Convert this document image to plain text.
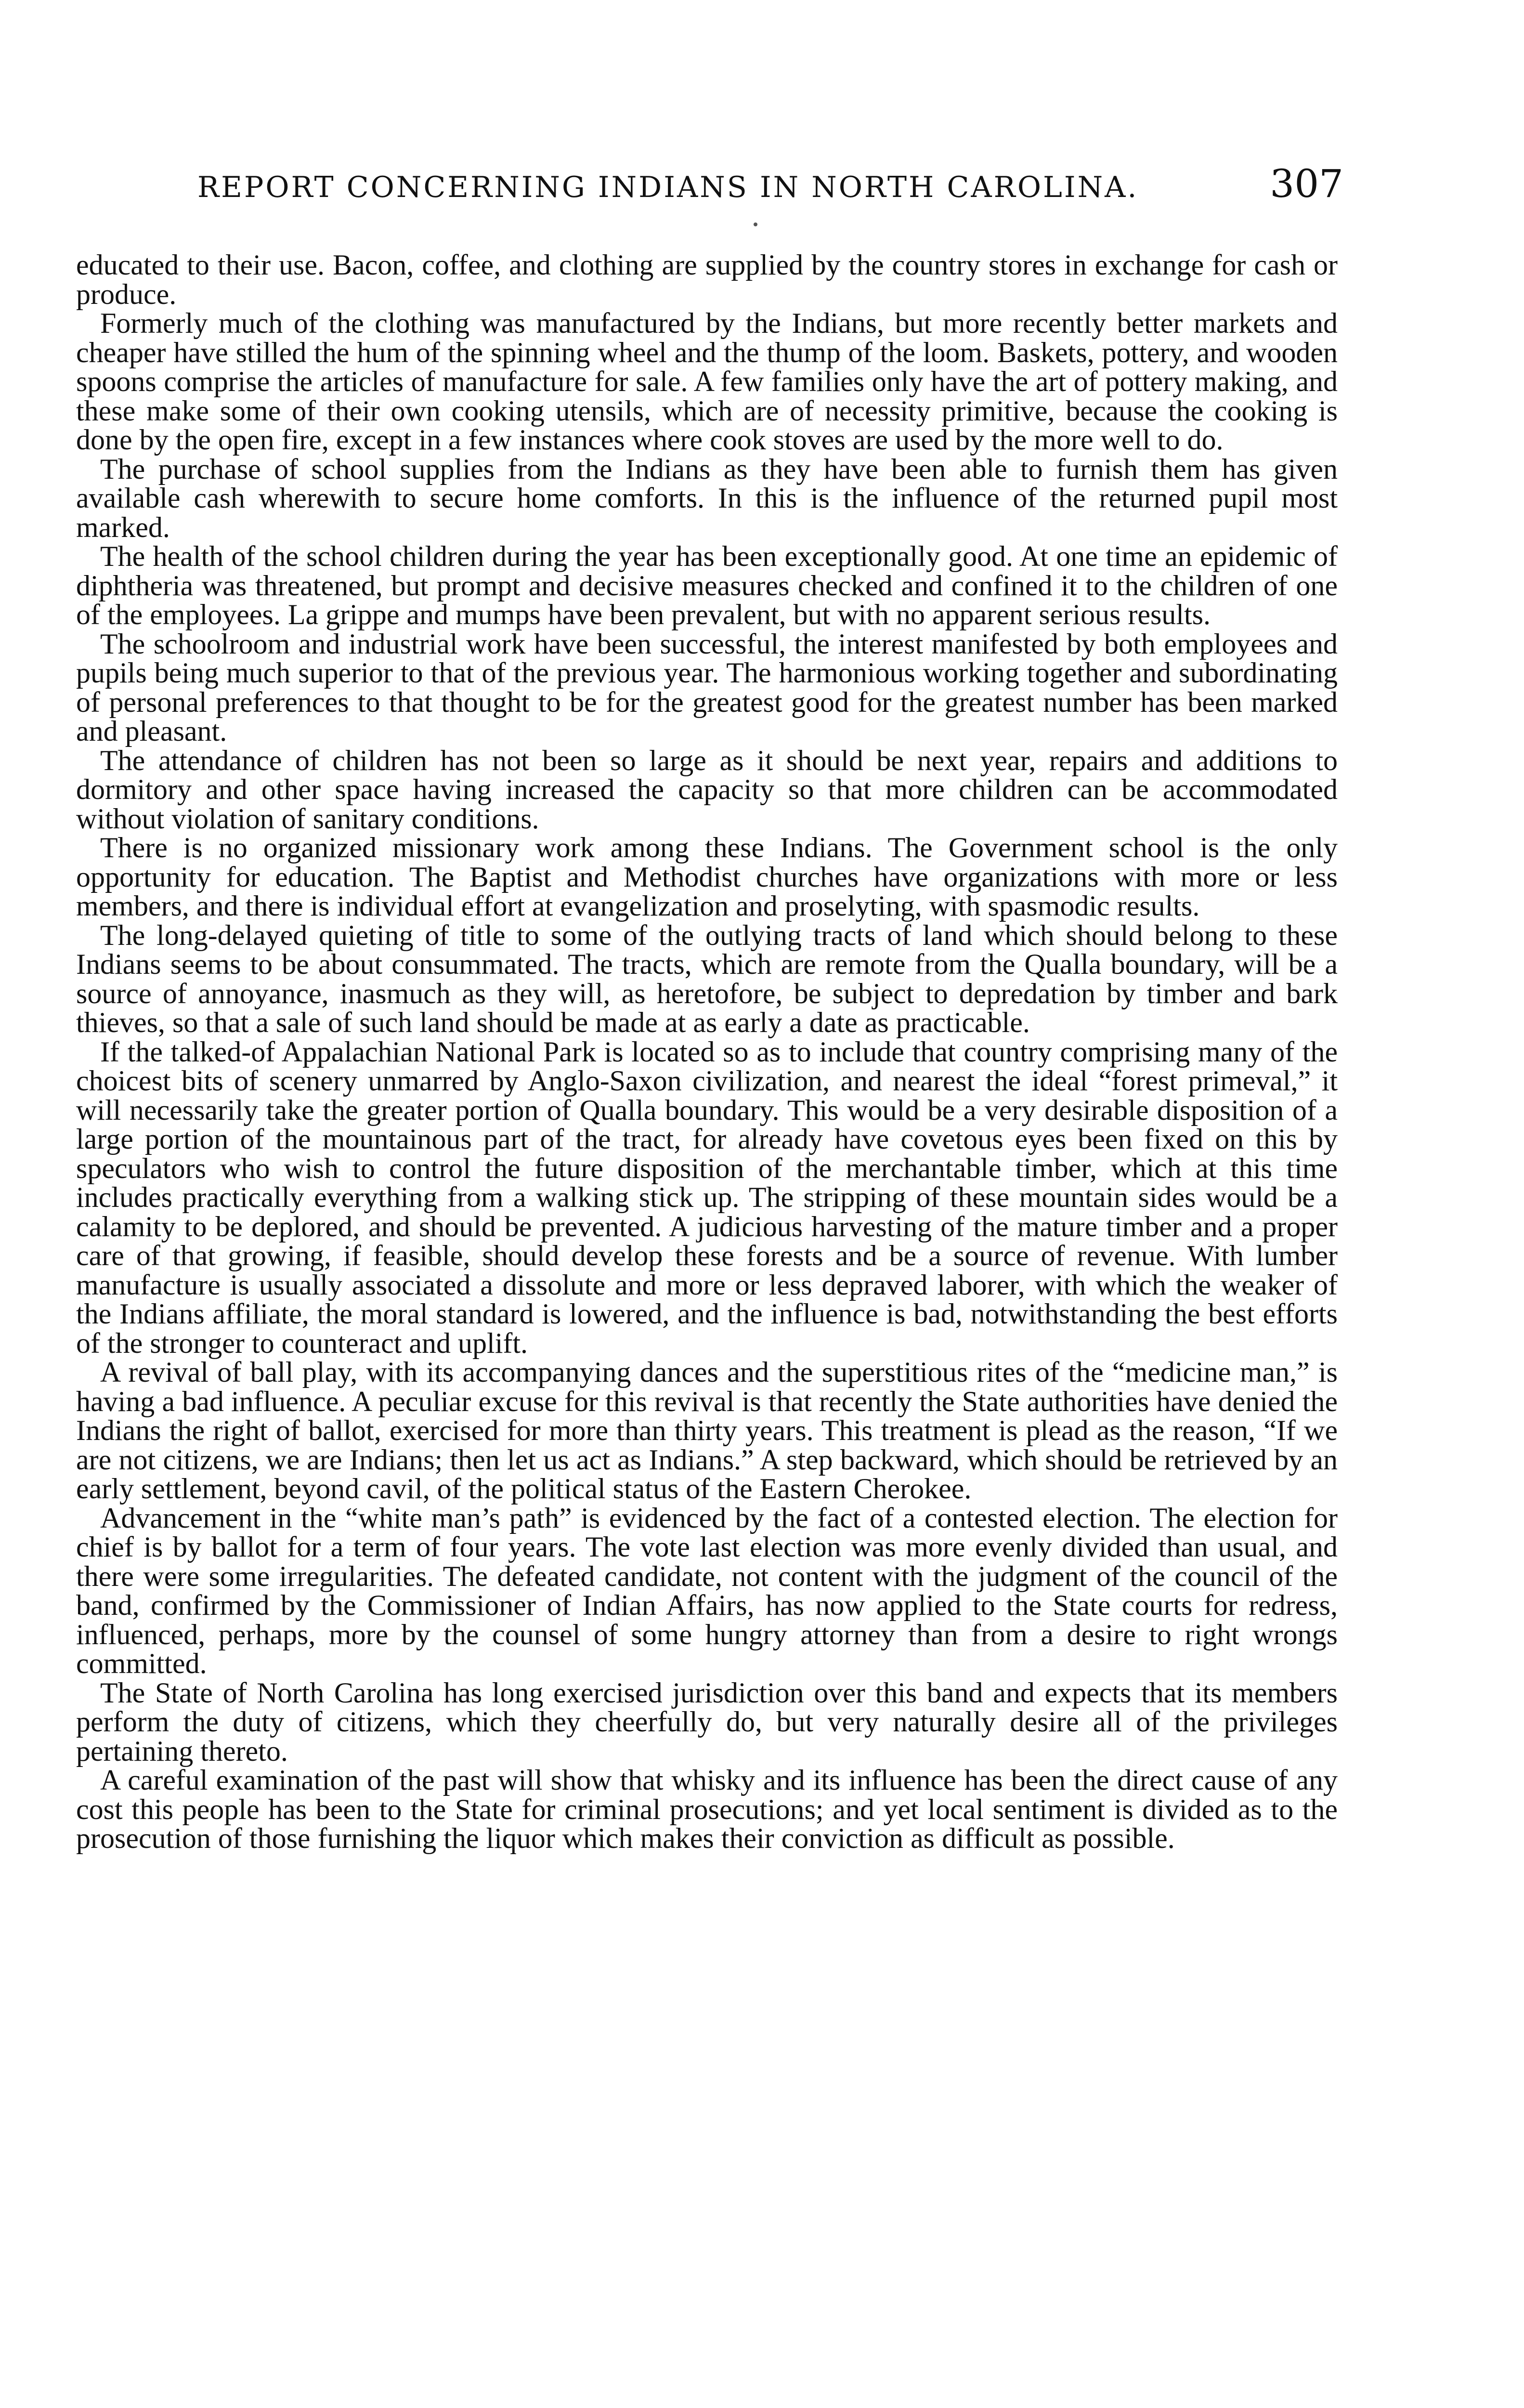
REPORT CONCERNING INDIANS IN NORTH CAROLINA.	307

educated to their use. Bacon, coffee, and clothing are supplied by the country stores in exchange for cash or produce.

Formerly much of the clothing was manufactured by the Indians, but more recently better markets and cheaper have stilled the hum of the spinning wheel and the thump of the loom. Baskets, pottery, and wooden spoons comprise the articles of manufacture for sale. A few families only have the art of pottery making, and these make some of their own cooking utensils, which are of necessity primitive, because the cooking is done by the open fire, except in a few instances where cook stoves are used by the more well to do.

The purchase of school supplies from the Indians as they have been able to furnish them has given available cash wherewith to secure home comforts. In this is the influence of the returned pupil most marked.

The health of the school children during the year has been exceptionally good. At one time an epidemic of diphtheria was threatened, but prompt and decisive measures checked and confined it to the children of one of the employees. La grippe and mumps have been prevalent, but with no apparent serious results.

The schoolroom and industrial work have been successful, the interest manifested by both employees and pupils being much superior to that of the previous year. The harmonious working together and subordinating of personal preferences to that thought to be for the greatest good for the greatest number has been marked and pleasant.

The attendance of children has not been so large as it should be next year, repairs and additions to dormitory and other space having increased the capacity so that more children can be accommodated without violation of sanitary conditions.

There is no organized missionary work among these Indians. The Government school is the only opportunity for education. The Baptist and Methodist churches have organizations with more or less members, and there is individual effort at evangelization and proselyting, with spasmodic results.

The long-delayed quieting of title to some of the outlying tracts of land which should belong to these Indians seems to be about consummated. The tracts, which are remote from the Qualla boundary, will be a source of annoyance, inasmuch as they will, as heretofore, be subject to depredation by timber and bark thieves, so that a sale of such land should be made at as early a date as practicable.

If the talked-of Appalachian National Park is located so as to include that country comprising many of the choicest bits of scenery unmarred by Anglo-Saxon civilization, and nearest the ideal “forest primeval,” it will necessarily take the greater portion of Qualla boundary. This would be a very desirable disposition of a large portion of the mountainous part of the tract, for already have covetous eyes been fixed on this by speculators who wish to control the future disposition of the merchantable timber, which at this time includes practically everything from a walking stick up. The stripping of these mountain sides would be a calamity to be deplored, and should be prevented. A judicious harvesting of the mature timber and a proper care of that growing, if feasible, should develop these forests and be a source of revenue. With lumber manufacture is usually associated a dissolute and more or less depraved laborer, with which the weaker of the Indians affiliate, the moral standard is lowered, and the influence is bad, notwithstanding the best efforts of the stronger to counteract and uplift.

A revival of ball play, with its accompanying dances and the superstitious rites of the “medicine man,” is having a bad influence. A peculiar excuse for this revival is that recently the State authorities have denied the Indians the right of ballot, exercised for more than thirty years. This treatment is plead as the reason, “If we are not citizens, we are Indians; then let us act as Indians.” A step backward, which should be retrieved by an early settlement, beyond cavil, of the political status of the Eastern Cherokee.

Advancement in the “white man’s path” is evidenced by the fact of a contested election. The election for chief is by ballot for a term of four years. The vote last election was more evenly divided than usual, and there were some irregularities. The defeated candidate, not content with the judgment of the council of the band, confirmed by the Commissioner of Indian Affairs, has now applied to the State courts for redress, influenced, perhaps, more by the counsel of some hungry attorney than from a desire to right wrongs committed.

The State of North Carolina has long exercised jurisdiction over this band and expects that its members perform the duty of citizens, which they cheerfully do, but very naturally desire all of the privileges pertaining thereto.

A careful examination of the past will show that whisky and its influence has been the direct cause of any cost this people has been to the State for criminal prosecutions; and yet local sentiment is divided as to the prosecution of those furnishing the liquor which makes their conviction as difficult as possible.
